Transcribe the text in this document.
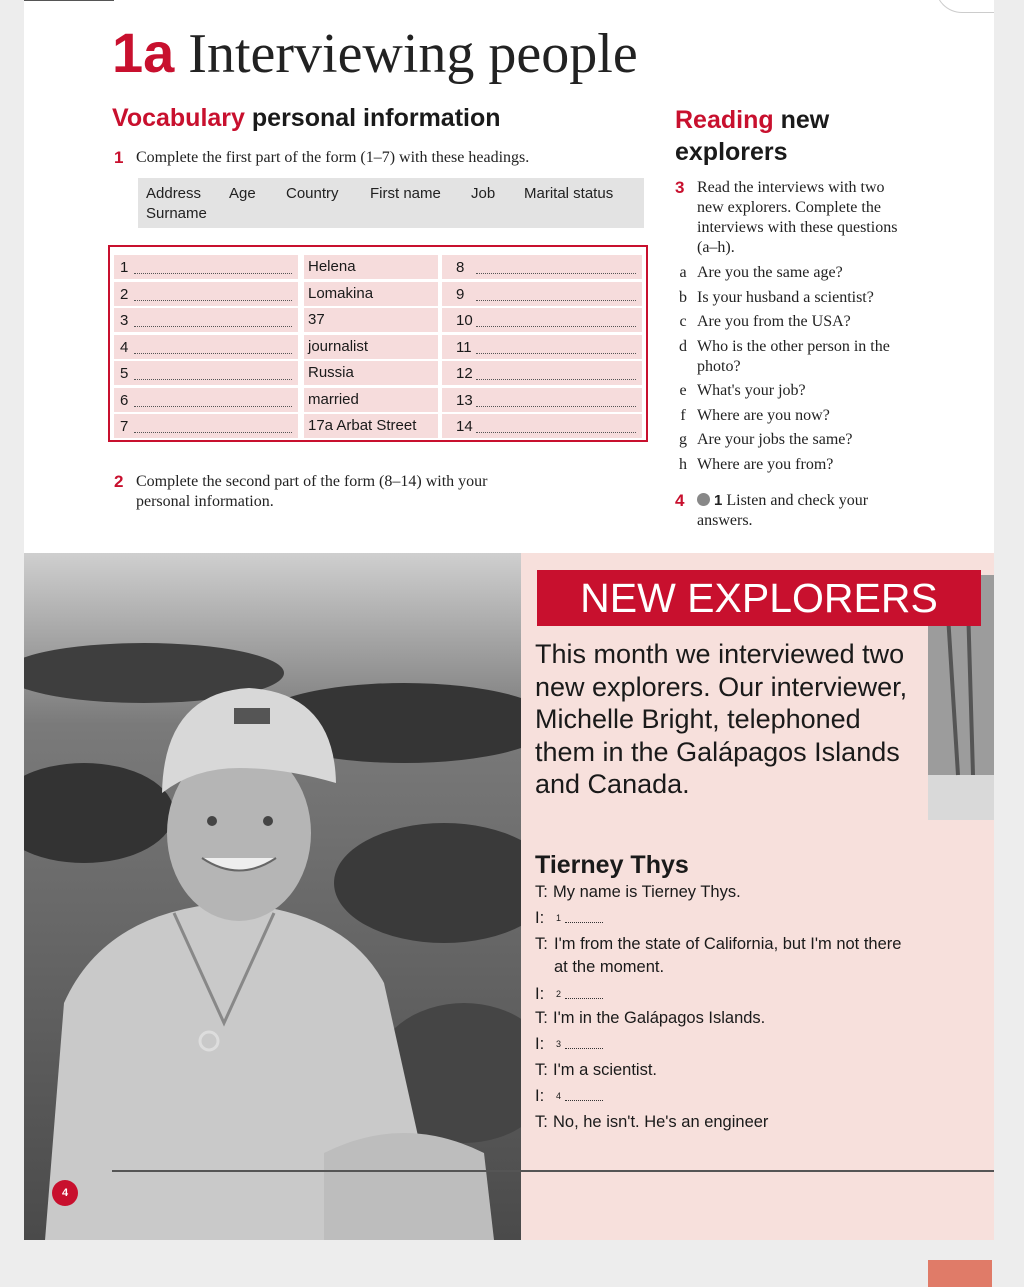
1a Interviewing people
Vocabulary personal information
1 Complete the first part of the form (1–7) with these headings.
Address Age Country First name Job Marital status
Surname
1	Helena	8
2	Lomakina	9
3	37	10
4	journalist	11
5	Russia	12
6	married	13
7	17a Arbat Street	14
2 Complete the second part of the form (8–14) with your personal information.
Reading new
explorers
3 Read the interviews with two new explorers. Complete the interviews with these questions (a–h).
a Are you the same age?
b Is your husband a scientist?
c Are you from the USA?
d Who is the other person in the photo?
e What's your job?
f Where are you now?
g Are your jobs the same?
h Where are you from?
4	1 Listen and check your answers.
NEW EXPLORERS
This month we interviewed two new explorers. Our interviewer, Michelle Bright, telephoned them in the Galápagos Islands and Canada.
Tierney Thys
T: My name is Tierney Thys.
I: $^1$
T: I'm from the state of California, but I'm not there at the moment.
I: $^2$
T: I'm in the Galápagos Islands.
I: $^3$
T: I'm a scientist.
I: $^4$
T: No, he isn't. He's an engineer
4
